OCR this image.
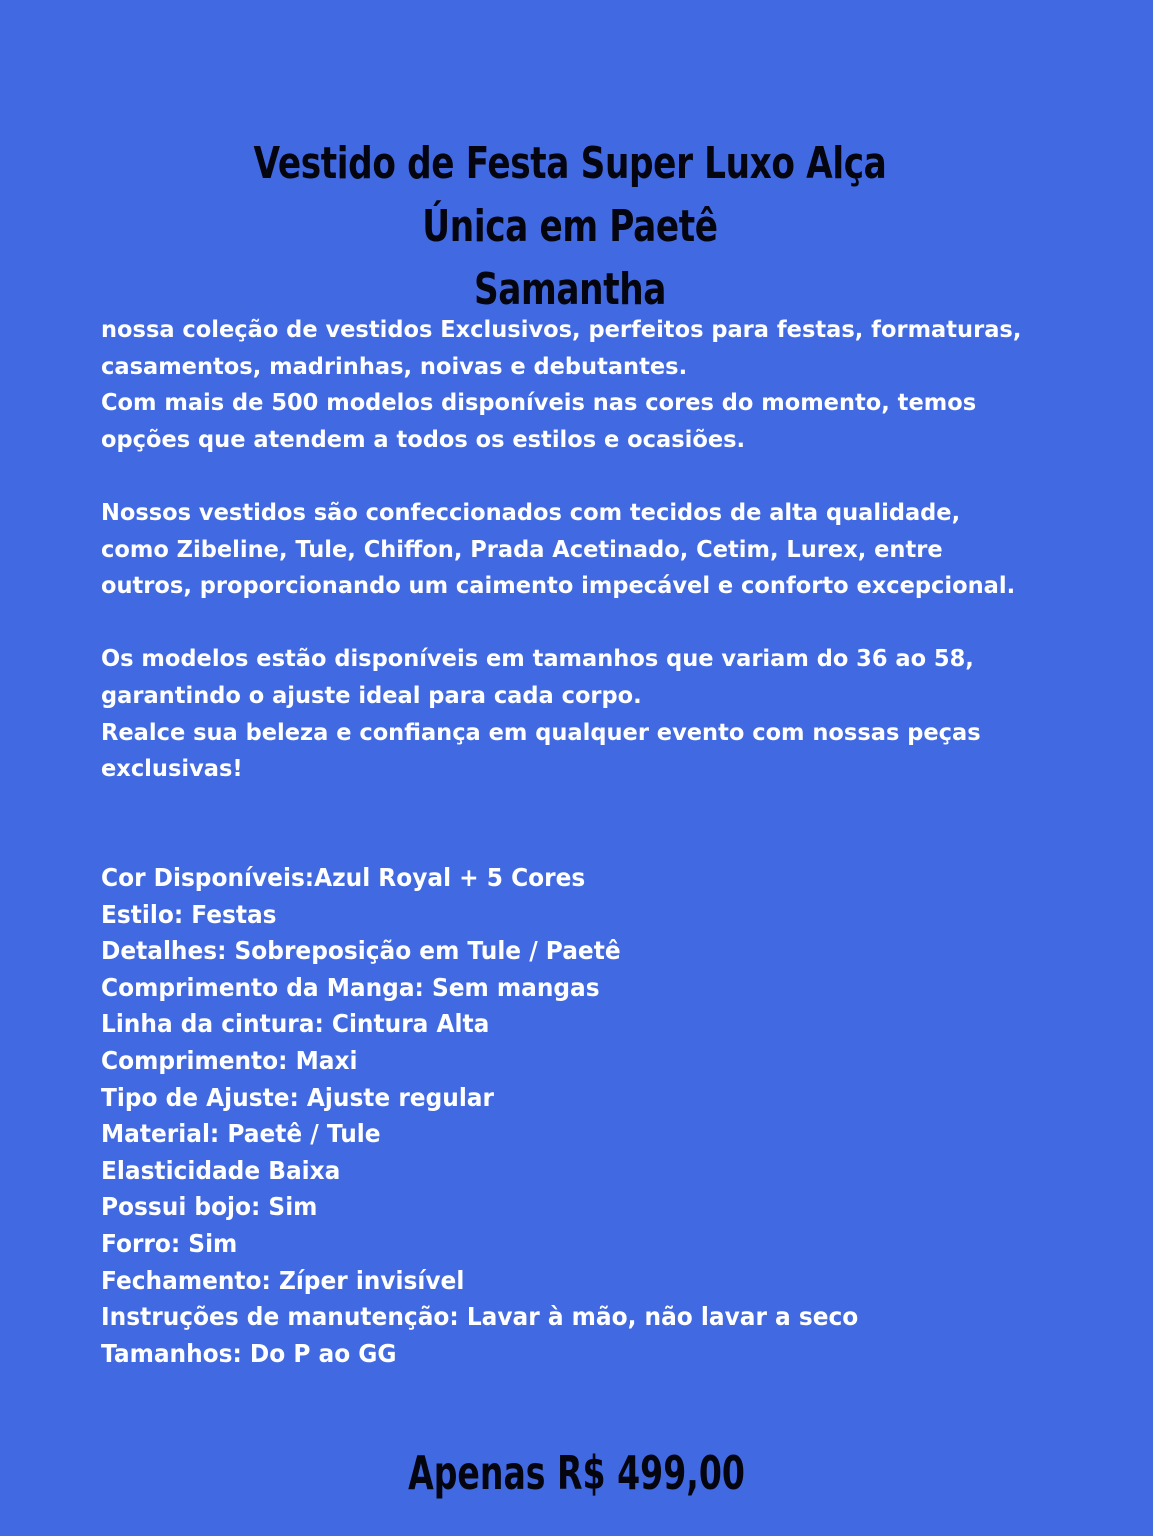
Vestido de Festa Super Luxo Alça Única em Paetê
Samantha

nossa coleção de vestidos Exclusivos, perfeitos para festas, formaturas,

casamentos, madrinhas, noivas e debutantes.

Com mais de 500 modelos disponíveis nas cores do momento, temos

opções que atendem a todos os estilos e ocasiões.

Nossos vestidos são confeccionados com tecidos de alta qualidade,

como Zibeline, Tule, Chiffon, Prada Acetinado, Cetim, Lurex, entre

outros, proporcionando um caimento impecável e conforto excepcional.

Os modelos estão disponíveis em tamanhos que variam do 36 ao 58,

garantindo o ajuste ideal para cada corpo.

Realce sua beleza e confiança em qualquer evento com nossas peças

exclusivas!

Cor Disponíveis:Azul Royal + 5 Cores
Estilo: Festas
Detalhes: Sobreposição em Tule / Paetê
Comprimento da Manga: Sem mangas
Linha da cintura: Cintura Alta
Comprimento: Maxi
Tipo de Ajuste: Ajuste regular
Material: Paetê / Tule
Elasticidade Baixa
Possui bojo: Sim
Forro: Sim
Fechamento: Zíper invisível
Instruções de manutenção: Lavar à mão, não lavar a seco
Tamanhos: Do P ao GG
Apenas R$ 499,00
